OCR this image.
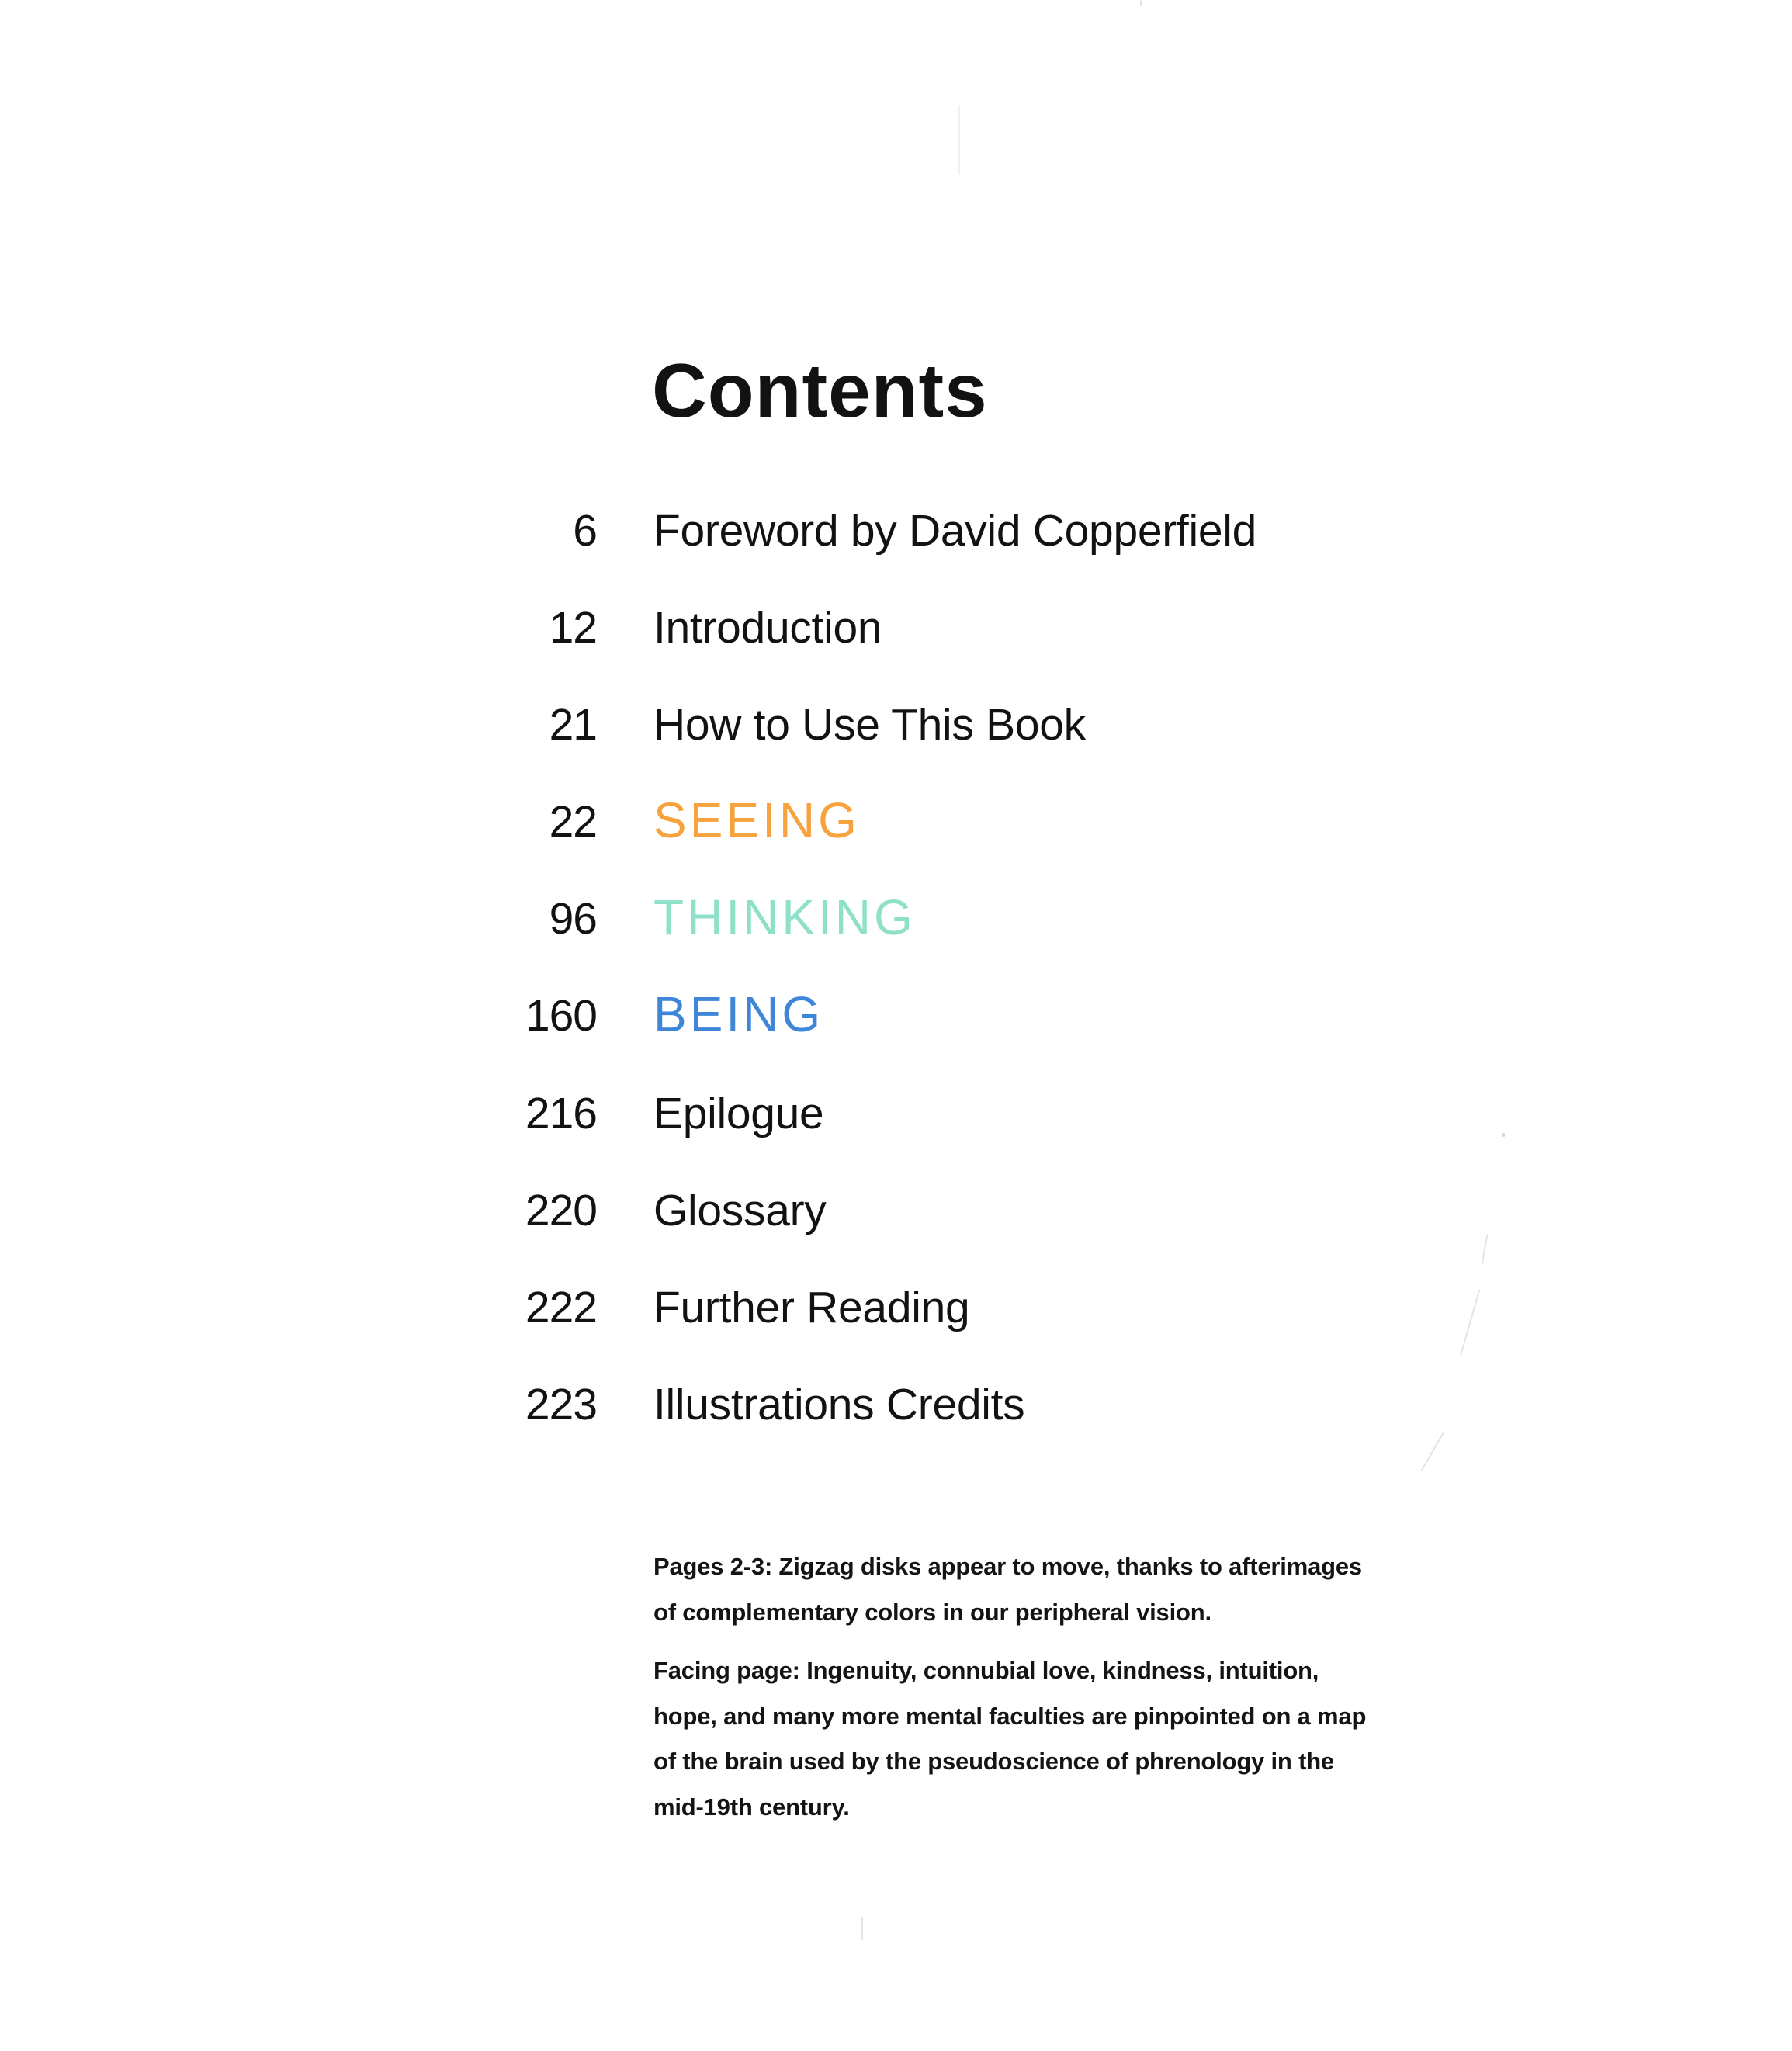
Contents
6 Foreword by David Copperfield
12 Introduction
21 How to Use This Book
22 SEEING
96 THINKING
160 BEING
216 Epilogue
220 Glossary
222 Further Reading
223 Illustrations Credits

Pages 2-3: Zigzag disks appear to move, thanks to afterimages
of complementary colors in our peripheral vision.

Facing page: Ingenuity, connubial love, kindness, intuition,
hope, and many more mental faculties are pinpointed on a map
of the brain used by the pseudoscience of phrenology in the
mid-19th century.
